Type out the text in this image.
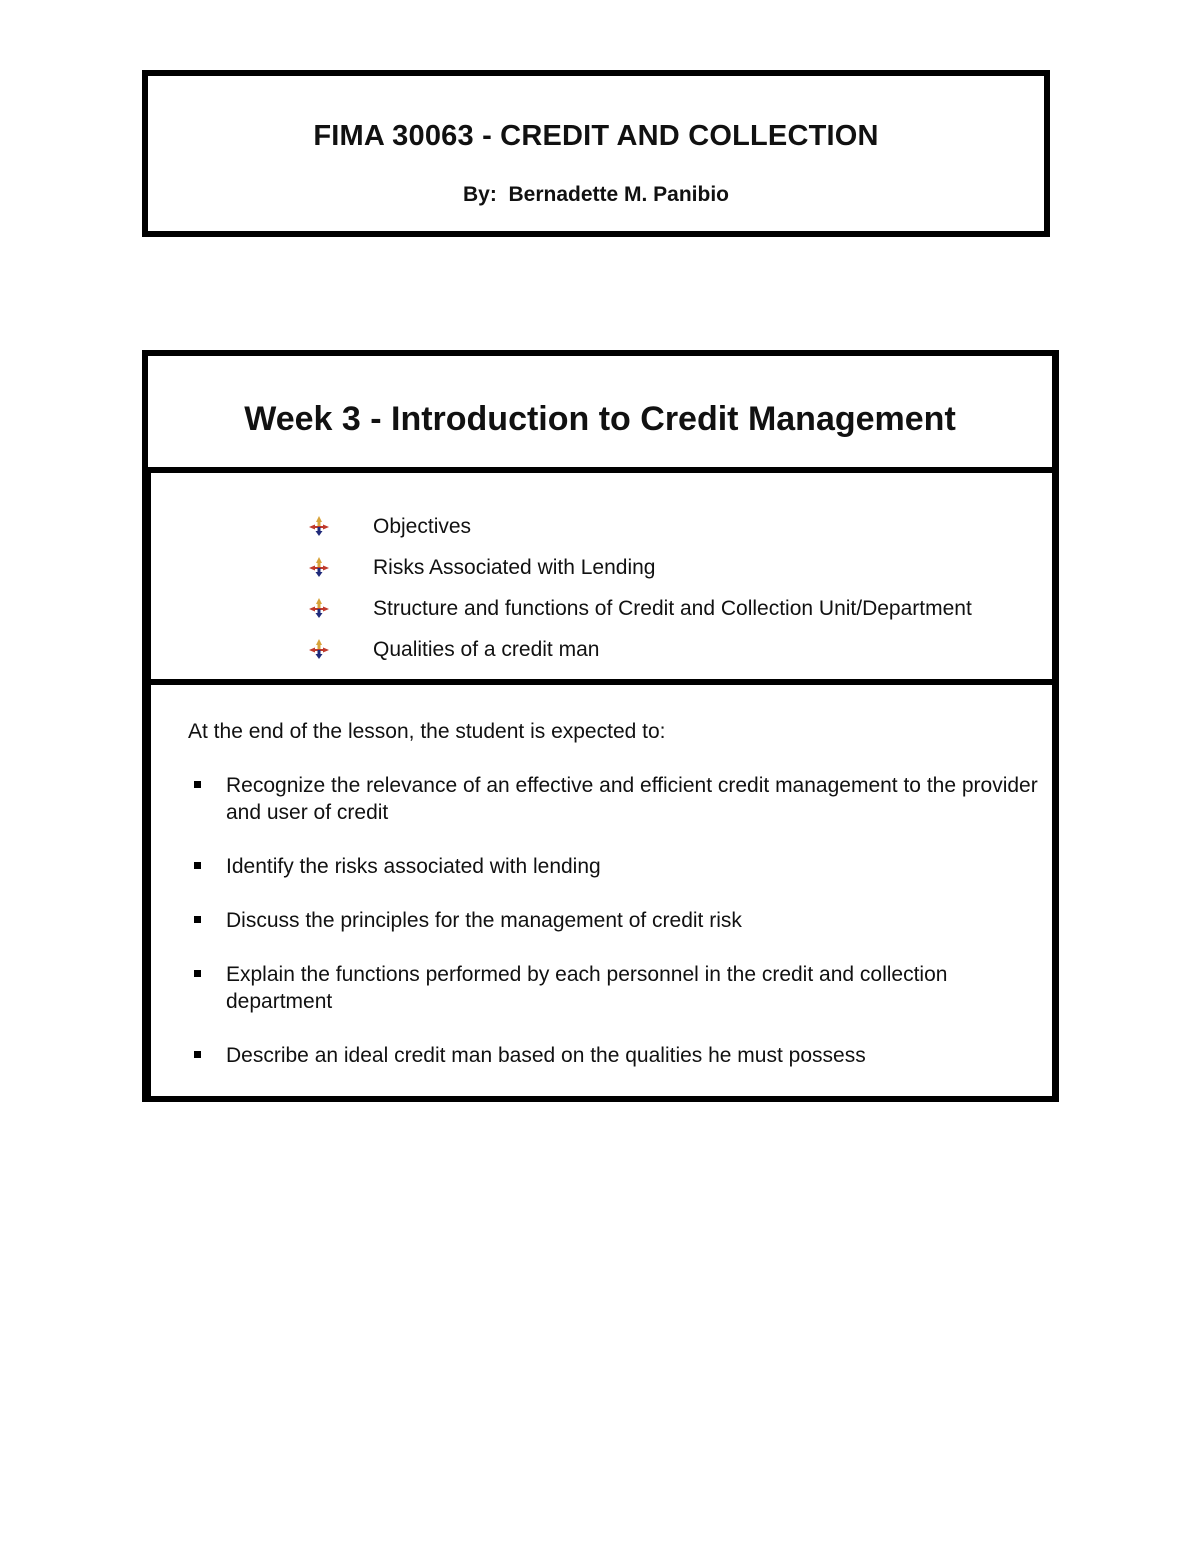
FIMA 30063 - CREDIT AND COLLECTION
By:  Bernadette M. Panibio
Week 3 - Introduction to Credit Management
Objectives
Risks Associated with Lending
Structure and functions of Credit and Collection Unit/Department
Qualities of a credit man
At the end of the lesson, the student is expected to:
Recognize the relevance of an effective and efficient credit management to the provider and user of credit
Identify the risks associated with lending
Discuss the principles for the management of credit risk
Explain the functions performed by each personnel in the credit and collection department
Describe an ideal credit man based on the qualities he must possess
